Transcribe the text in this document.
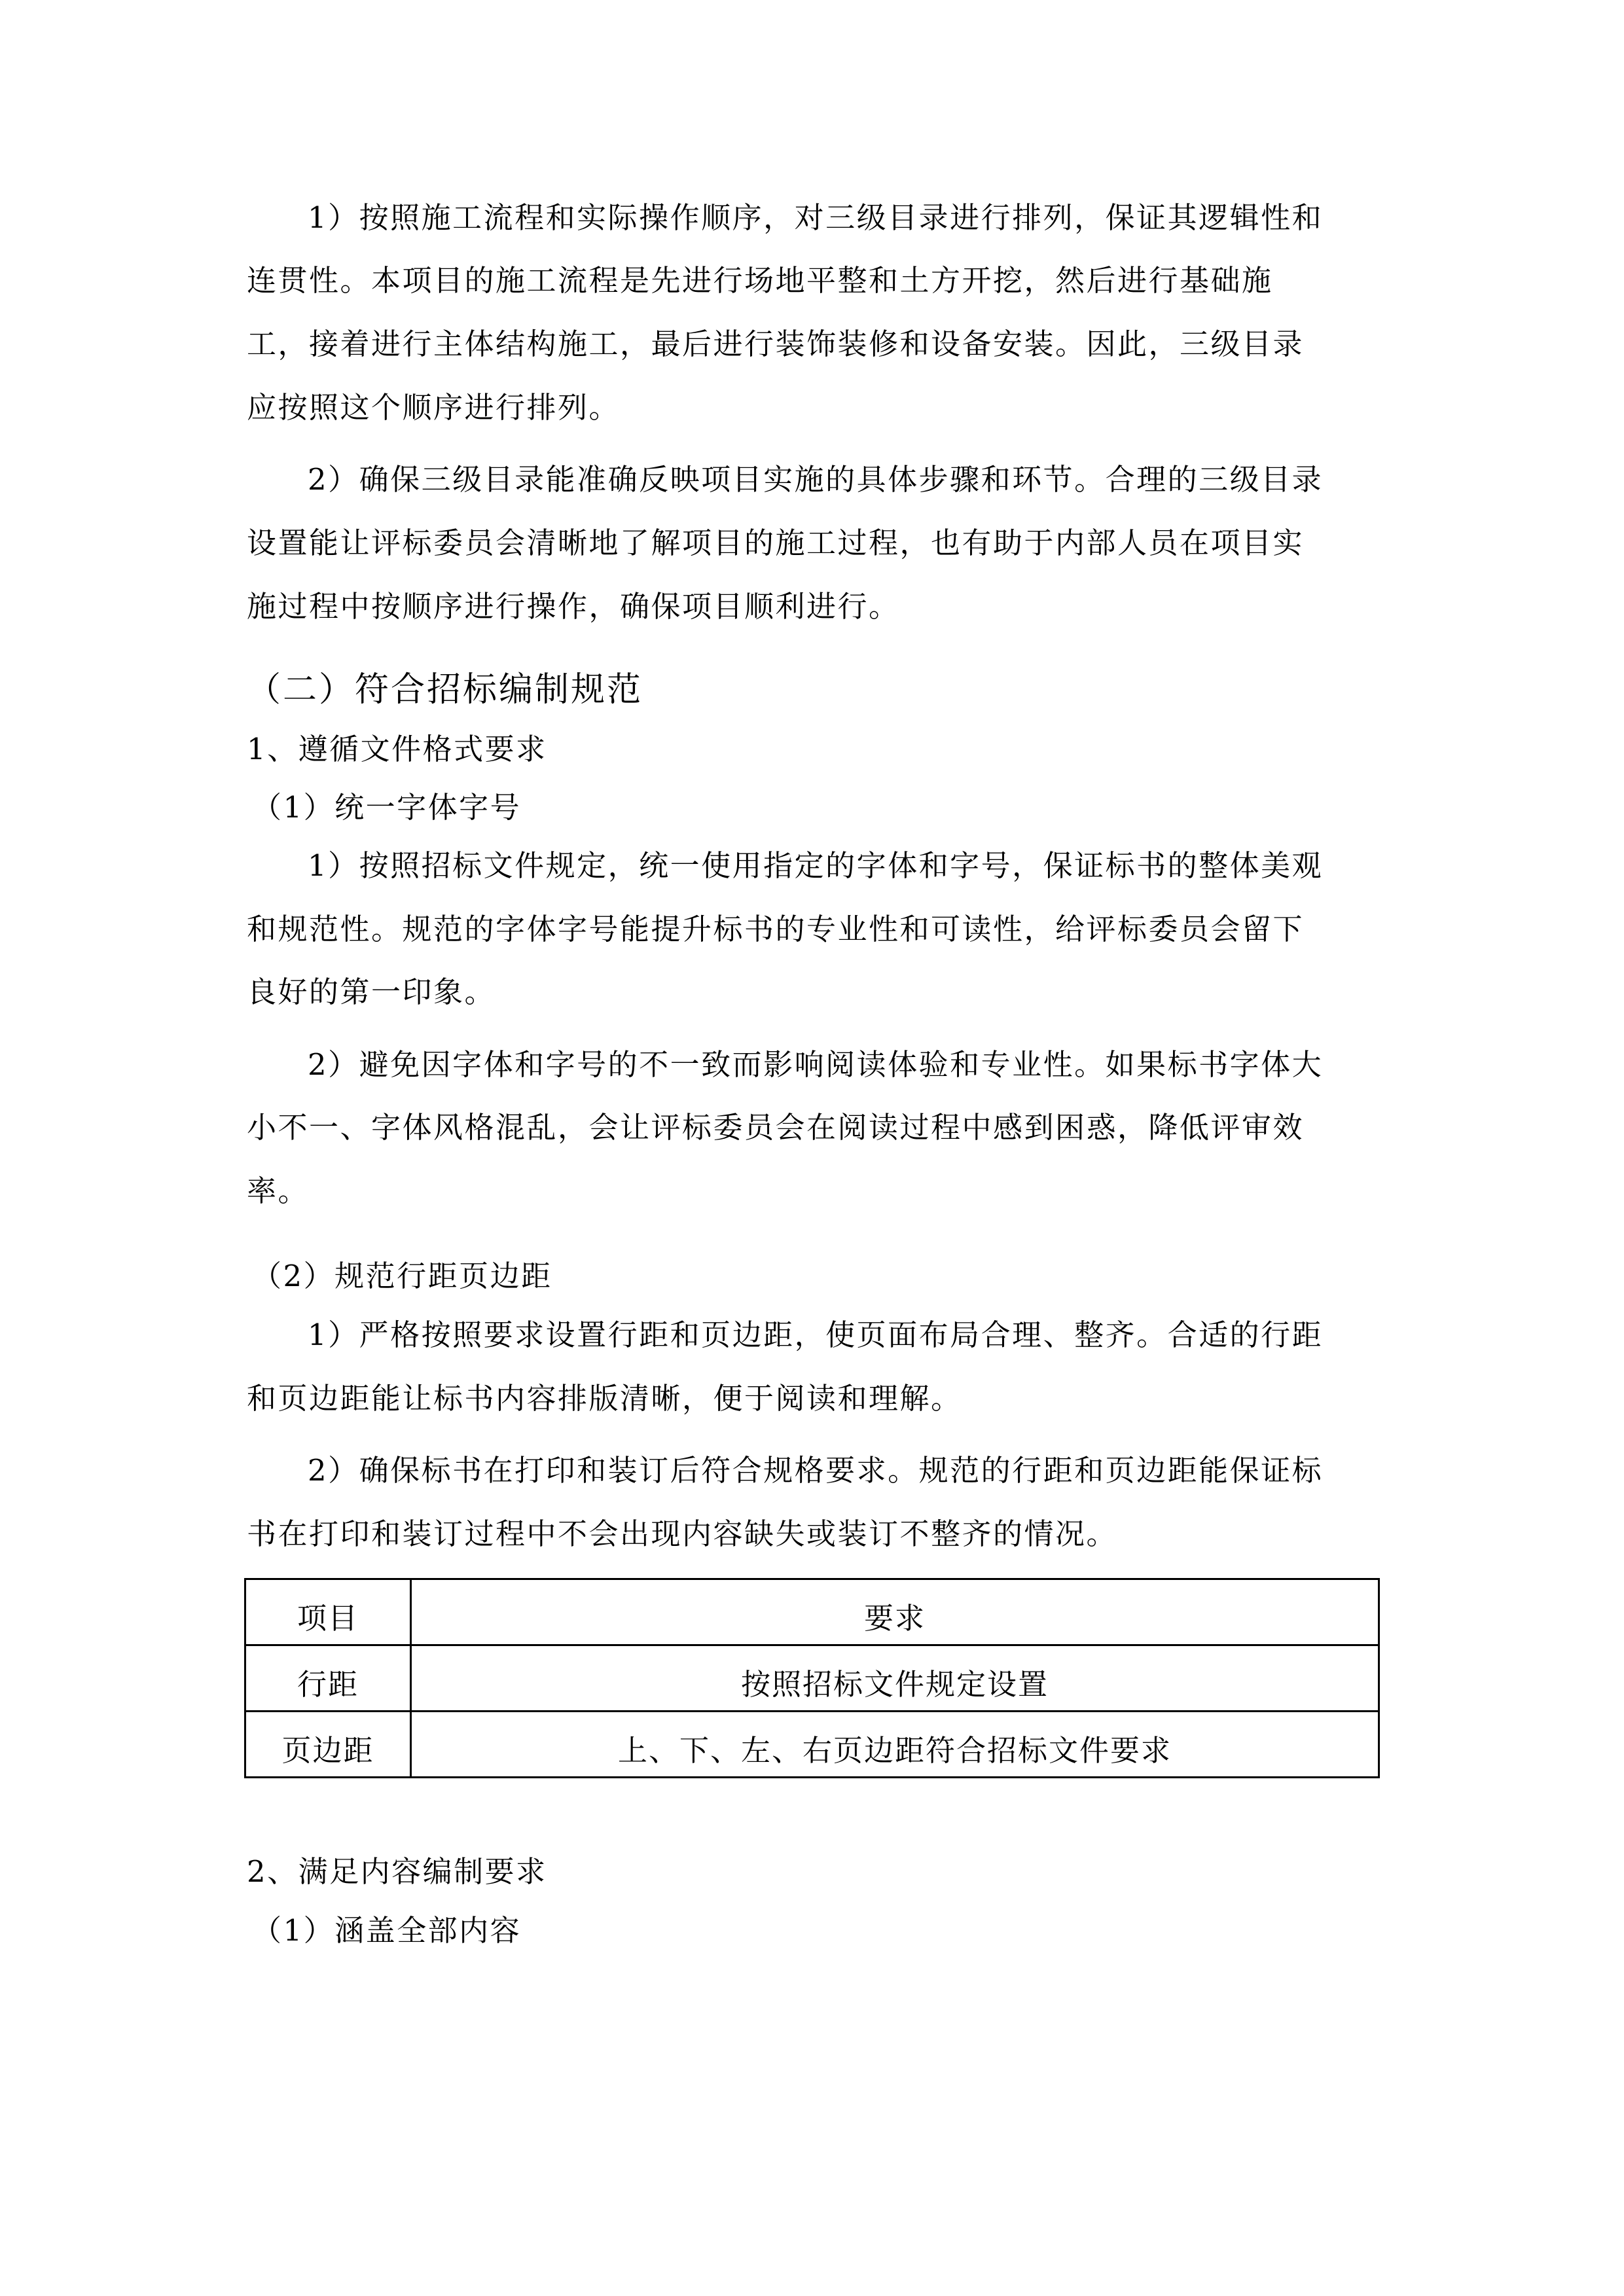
1）按照施工流程和实际操作顺序，对三级目录进行排列，保证其逻辑性和
连贯性。本项目的施工流程是先进行场地平整和土方开挖，然后进行基础施
工，接着进行主体结构施工，最后进行装饰装修和设备安装。因此，三级目录
应按照这个顺序进行排列。
2）确保三级目录能准确反映项目实施的具体步骤和环节。合理的三级目录
设置能让评标委员会清晰地了解项目的施工过程，也有助于内部人员在项目实
施过程中按顺序进行操作，确保项目顺利进行。
（二）符合招标编制规范
1、遵循文件格式要求
（1）统一字体字号
1）按照招标文件规定，统一使用指定的字体和字号，保证标书的整体美观
和规范性。规范的字体字号能提升标书的专业性和可读性，给评标委员会留下
良好的第一印象。
2）避免因字体和字号的不一致而影响阅读体验和专业性。如果标书字体大
小不一、字体风格混乱，会让评标委员会在阅读过程中感到困惑，降低评审效
率。
（2）规范行距页边距
1）严格按照要求设置行距和页边距，使页面布局合理、整齐。合适的行距
和页边距能让标书内容排版清晰，便于阅读和理解。
2）确保标书在打印和装订后符合规格要求。规范的行距和页边距能保证标
书在打印和装订过程中不会出现内容缺失或装订不整齐的情况。
项目	要求
行距	按照招标文件规定设置
页边距	上、下、左、右页边距符合招标文件要求
2、满足内容编制要求
（1）涵盖全部内容
